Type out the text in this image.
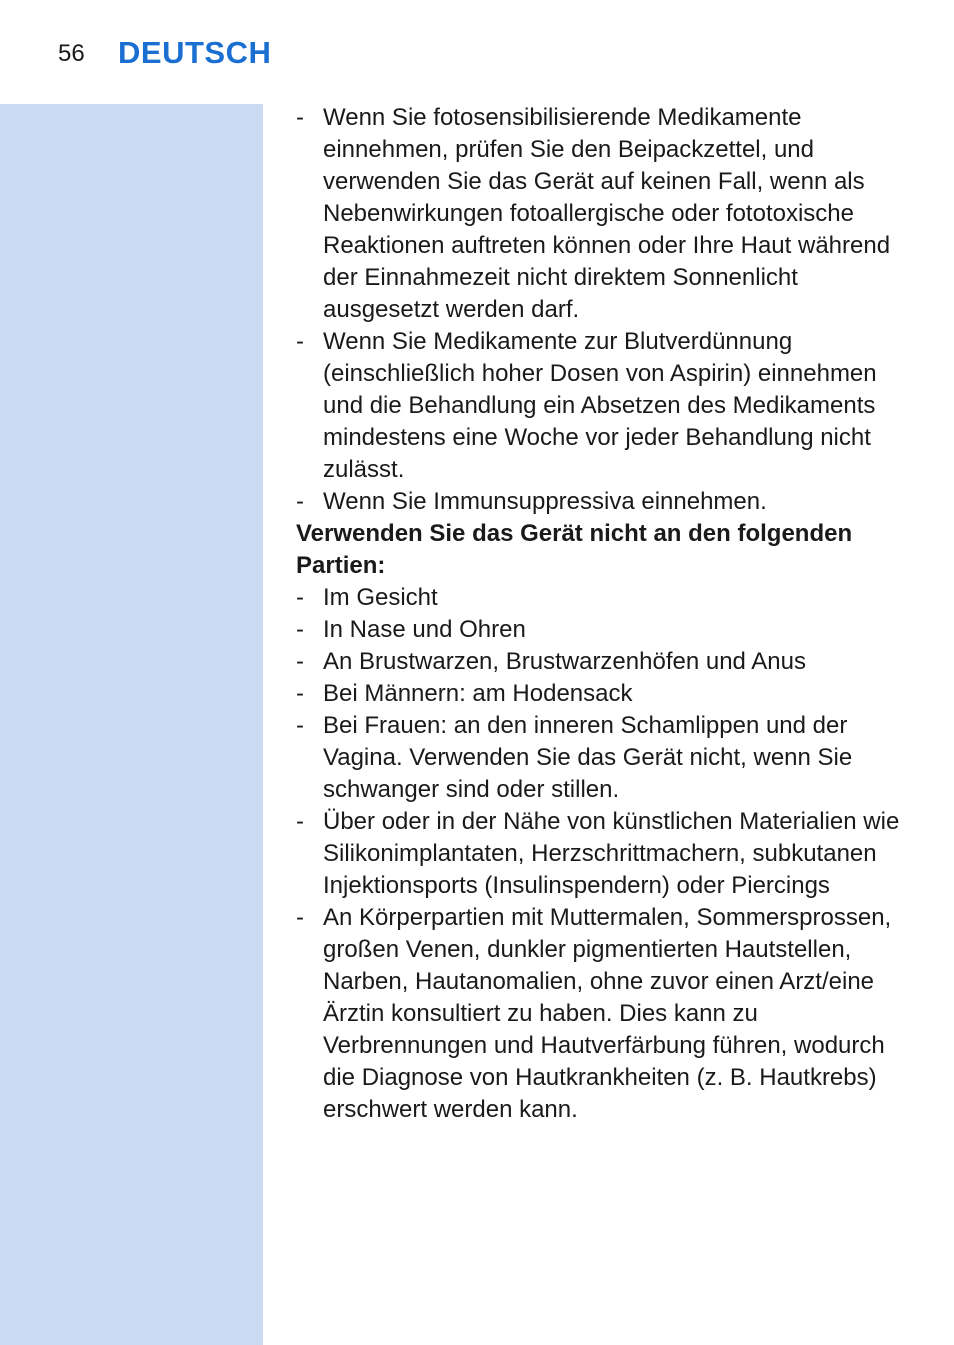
56 DEUTSCH
- Wenn Sie fotosensibilisierende Medikamente einnehmen, prüfen Sie den Beipackzettel, und verwenden Sie das Gerät auf keinen Fall, wenn als Nebenwirkungen fotoallergische oder fototoxische Reaktionen auftreten können oder Ihre Haut während der Einnahmezeit nicht direktem Sonnenlicht ausgesetzt werden darf.
- Wenn Sie Medikamente zur Blutverdünnung (einschließlich hoher Dosen von Aspirin) einnehmen und die Behandlung ein Absetzen des Medikaments mindestens eine Woche vor jeder Behandlung nicht zulässt.
- Wenn Sie Immunsuppressiva einnehmen.

Verwenden Sie das Gerät nicht an den folgenden Partien:

- Im Gesicht
- In Nase und Ohren
- An Brustwarzen, Brustwarzenhöfen und Anus
- Bei Männern: am Hodensack
- Bei Frauen: an den inneren Schamlippen und der Vagina. Verwenden Sie das Gerät nicht, wenn Sie schwanger sind oder stillen.
- Über oder in der Nähe von künstlichen Materialien wie Silikonimplantaten, Herzschrittmachern, subkutanen Injektionsports (Insulinspendern) oder Piercings
- An Körperpartien mit Muttermalen, Sommersprossen, großen Venen, dunkler pigmentierten Hautstellen, Narben, Hautanomalien, ohne zuvor einen Arzt/eine Ärztin konsultiert zu haben. Dies kann zu Verbrennungen und Hautverfärbung führen, wodurch die Diagnose von Hautkrankheiten (z. B. Hautkrebs) erschwert werden kann.
